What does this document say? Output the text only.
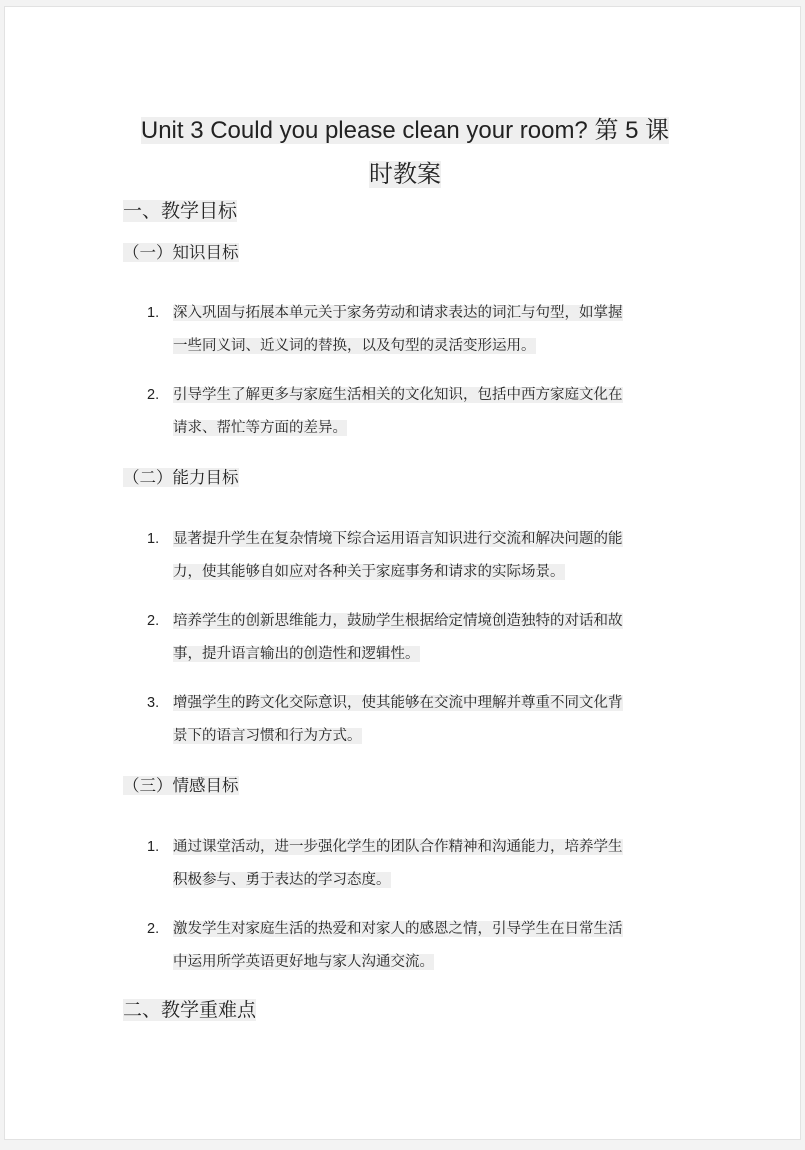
Unit 3 Could you please clean your room? 第 5 课
时教案
一、教学目标
（一）知识目标
1. 深入巩固与拓展本单元关于家务劳动和请求表达的词汇与句型，如掌握
一些同义词、近义词的替换，以及句型的灵活变形运用。
2. 引导学生了解更多与家庭生活相关的文化知识，包括中西方家庭文化在
请求、帮忙等方面的差异。
（二）能力目标
1. 显著提升学生在复杂情境下综合运用语言知识进行交流和解决问题的能
力，使其能够自如应对各种关于家庭事务和请求的实际场景。
2. 培养学生的创新思维能力，鼓励学生根据给定情境创造独特的对话和故
事，提升语言输出的创造性和逻辑性。
3. 增强学生的跨文化交际意识，使其能够在交流中理解并尊重不同文化背
景下的语言习惯和行为方式。
（三）情感目标
1. 通过课堂活动，进一步强化学生的团队合作精神和沟通能力，培养学生
积极参与、勇于表达的学习态度。
2. 激发学生对家庭生活的热爱和对家人的感恩之情，引导学生在日常生活
中运用所学英语更好地与家人沟通交流。
二、教学重难点
